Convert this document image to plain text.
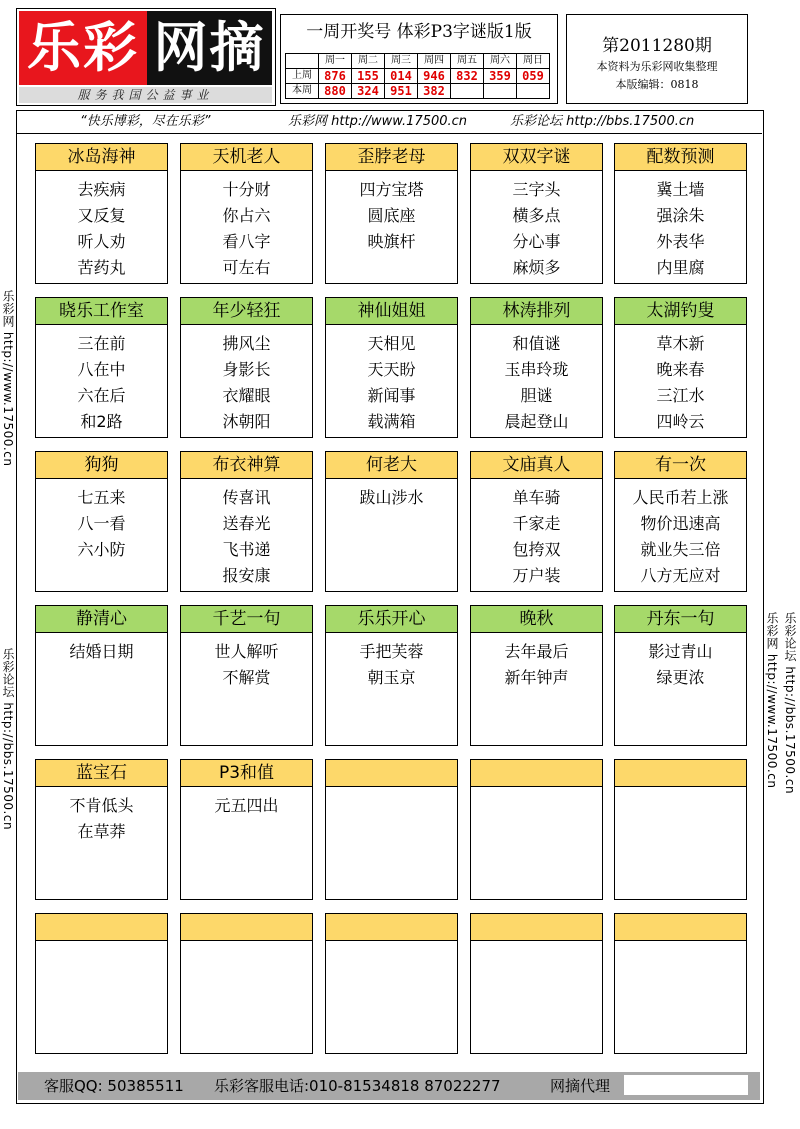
乐彩 网摘
服务我国公益事业
一周开奖号 体彩P3字谜版1版
	周一	周二	周三	周四	周五	周六	周日
上周	876	155	014	946	832	359	059
本周	880	324	951	382			
第2011280期
本资料为乐彩网收集整理
本版编辑：0818
“快乐博彩，尽在乐彩”	乐彩网 http://www.17500.cn	乐彩论坛 http://bbs.17500.cn
乐彩网 http://www.17500.cn
乐彩论坛 http://bbs.17500.cn	乐彩网 http://www.17500.cn 乐彩论坛 http://bbs.17500.cn
冰岛海神
去疾病
又反复
听人劝
苦药丸
天机老人
十分财
你占六
看八字
可左右
歪脖老母
四方宝塔
圆底座
映旗杆
双双字谜
三字头
横多点
分心事
麻烦多
配数预测
冀土墙
强涂朱
外表华
内里腐
晓乐工作室
三在前
八在中
六在后
和2路
年少轻狂
拂风尘
身影长
衣耀眼
沐朝阳
神仙姐姐
天相见
天天盼
新闻事
载满箱
林涛排列
和值谜
玉串玲珑
胆谜
晨起登山
太湖钓叟
草木新
晚来春
三江水
四岭云
狗狗
七五来
八一看
六小防
布衣神算
传喜讯
送春光
飞书递
报安康
何老大
跋山涉水
文庙真人
单车骑
千家走
包挎双
万户装
有一次
人民币若上涨
物价迅速高
就业失三倍
八方无应对
静清心
结婚日期
千艺一句
世人解听
不解赏
乐乐开心
手把芙蓉
朝玉京
晚秋
去年最后
新年钟声
丹东一句
影过青山
绿更浓
蓝宝石
不肯低头
在草莽
P3和值
元五四出
客服QQ: 50385511 乐彩客服电话:010-81534818 87022277	网摘代理
